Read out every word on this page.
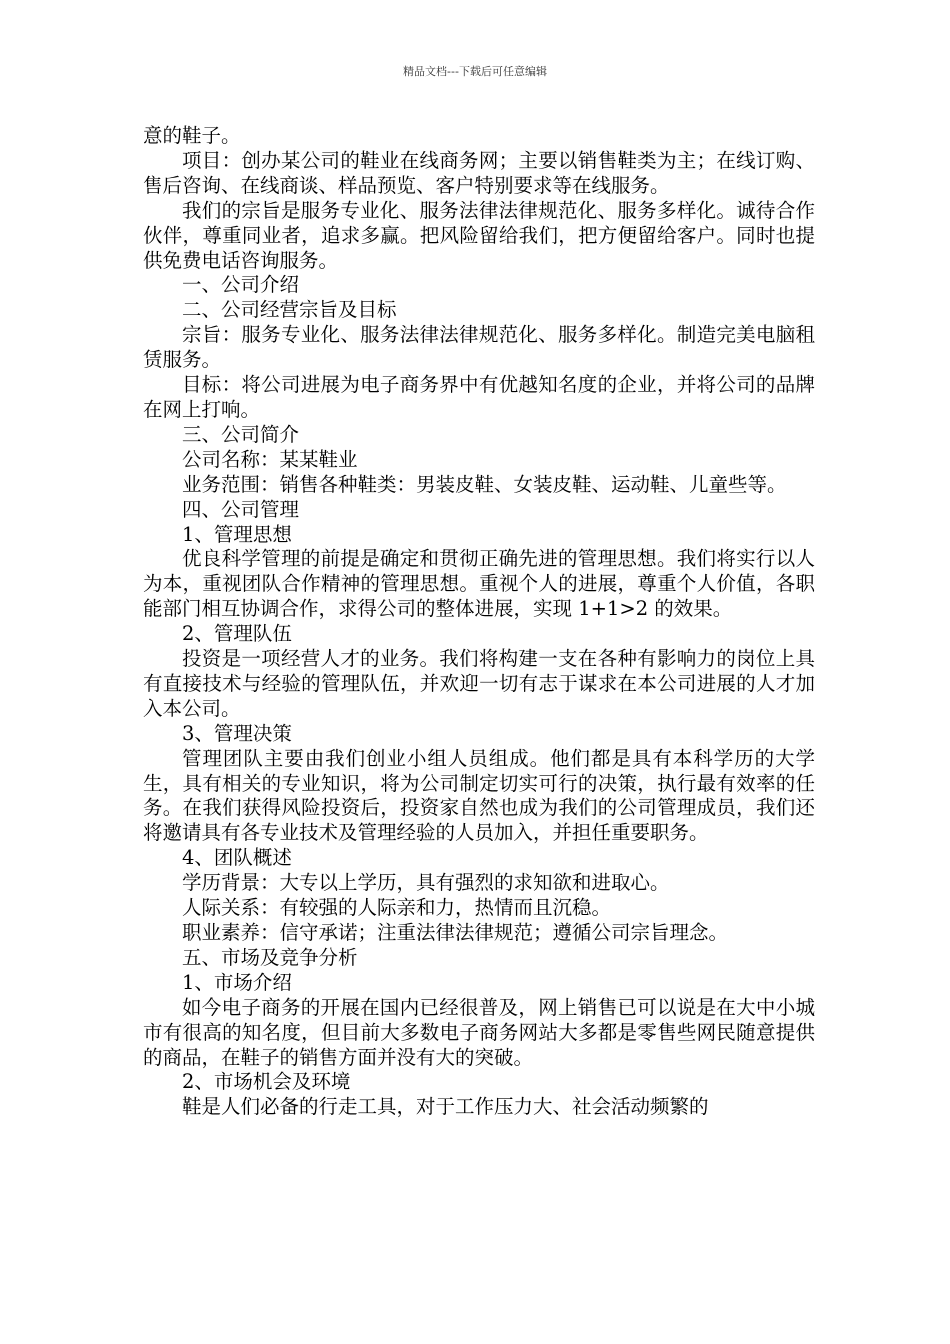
精品文档---下载后可任意编辑

意的鞋子。

项目：创办某公司的鞋业在线商务网；主要以销售鞋类为主；在线订购、售后咨询、在线商谈、样品预览、客户特别要求等在线服务。

我们的宗旨是服务专业化、服务法律法律规范化、服务多样化。诚待合作伙伴，尊重同业者，追求多赢。把风险留给我们，把方便留给客户。同时也提供免费电话咨询服务。

一、公司介绍

二、公司经营宗旨及目标

宗旨：服务专业化、服务法律法律规范化、服务多样化。制造完美电脑租赁服务。

目标：将公司进展为电子商务界中有优越知名度的企业，并将公司的品牌在网上打响。

三、公司简介

公司名称：某某鞋业

业务范围：销售各种鞋类：男装皮鞋、女装皮鞋、运动鞋、儿童些等。

四、公司管理

1、管理思想

优良科学管理的前提是确定和贯彻正确先进的管理思想。我们将实行以人为本，重视团队合作精神的管理思想。重视个人的进展，尊重个人价值，各职能部门相互协调合作，求得公司的整体进展，实现 1+1>2 的效果。

2、管理队伍

投资是一项经营人才的业务。我们将构建一支在各种有影响力的岗位上具有直接技术与经验的管理队伍，并欢迎一切有志于谋求在本公司进展的人才加入本公司。

3、管理决策

管理团队主要由我们创业小组人员组成。他们都是具有本科学历的大学生，具有相关的专业知识，将为公司制定切实可行的决策，执行最有效率的任务。在我们获得风险投资后，投资家自然也成为我们的公司管理成员，我们还将邀请具有各专业技术及管理经验的人员加入，并担任重要职务。

4、团队概述

学历背景：大专以上学历，具有强烈的求知欲和进取心。

人际关系：有较强的人际亲和力，热情而且沉稳。

职业素养：信守承诺；注重法律法律规范；遵循公司宗旨理念。

五、市场及竞争分析

1、市场介绍

如今电子商务的开展在国内已经很普及，网上销售已可以说是在大中小城市有很高的知名度，但目前大多数电子商务网站大多都是零售些网民随意提供的商品，在鞋子的销售方面并没有大的突破。

2、市场机会及环境

鞋是人们必备的行走工具，对于工作压力大、社会活动频繁的
